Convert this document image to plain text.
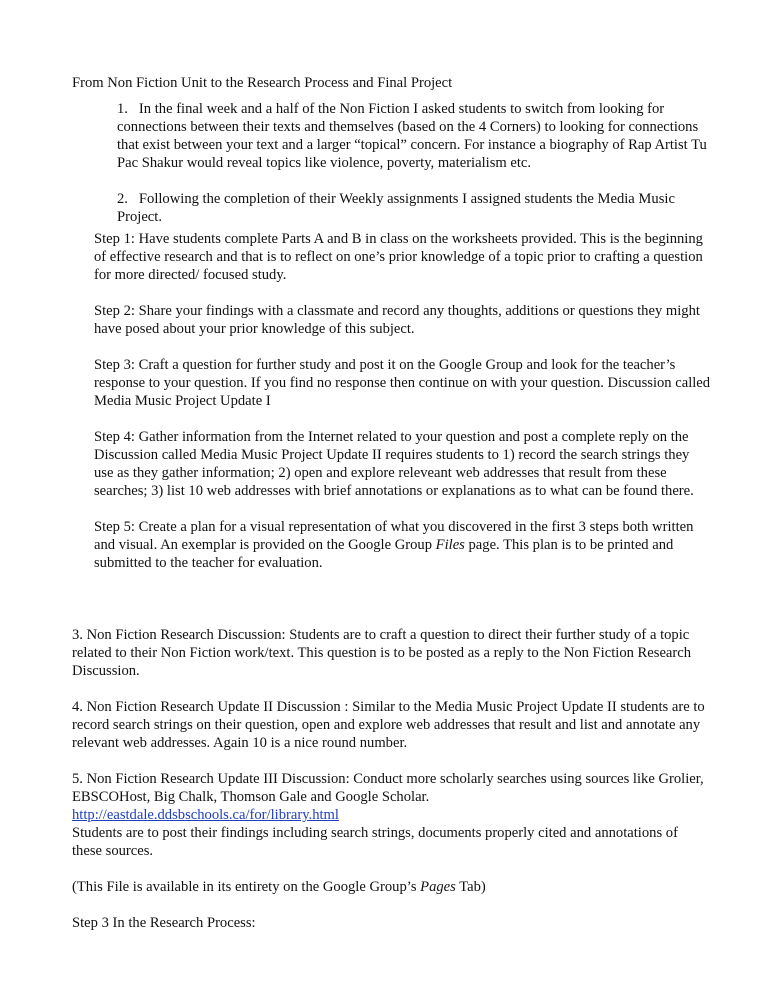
From Non Fiction Unit to the Research Process and Final Project

1. In the final week and a half of the Non Fiction I asked students to switch from looking for connections between their texts and themselves (based on the 4 Corners) to looking for connections that exist between your text and a larger “topical” concern. For instance a biography of Rap Artist Tu Pac Shakur would reveal topics like violence, poverty, materialism etc.

2. Following the completion of their Weekly assignments I assigned students the Media Music Project.

Step 1: Have students complete Parts A and B in class on the worksheets provided. This is the beginning of effective research and that is to reflect on one’s prior knowledge of a topic prior to crafting a question for more directed/ focused study.

Step 2: Share your findings with a classmate and record any thoughts, additions or questions they might have posed about your prior knowledge of this subject.

Step 3: Craft a question for further study and post it on the Google Group and look for the teacher’s response to your question. If you find no response then continue on with your question. Discussion called Media Music Project Update I

Step 4: Gather information from the Internet related to your question and post a complete reply on the Discussion called Media Music Project Update II requires students to 1) record the search strings they use as they gather information; 2) open and explore releveant web addresses that result from these searches; 3) list 10 web addresses with brief annotations or explanations as to what can be found there.

Step 5: Create a plan for a visual representation of what you discovered in the first 3 steps both written and visual. An exemplar is provided on the Google Group Files page. This plan is to be printed and submitted to the teacher for evaluation.

3. Non Fiction Research Discussion: Students are to craft a question to direct their further study of a topic related to their Non Fiction work/text. This question is to be posted as a reply to the Non Fiction Research Discussion.

4. Non Fiction Research Update II Discussion : Similar to the Media Music Project Update II students are to record search strings on their question, open and explore web addresses that result and list and annotate any relevant web addresses. Again 10 is a nice round number.

5. Non Fiction Research Update III Discussion: Conduct more scholarly searches using sources like Grolier, EBSCOHost, Big Chalk, Thomson Gale and Google Scholar.

http://eastdale.ddsbschools.ca/for/library.html

Students are to post their findings including search strings, documents properly cited and annotations of these sources.

(This File is available in its entirety on the Google Group’s Pages Tab)

Step 3 In the Research Process:
